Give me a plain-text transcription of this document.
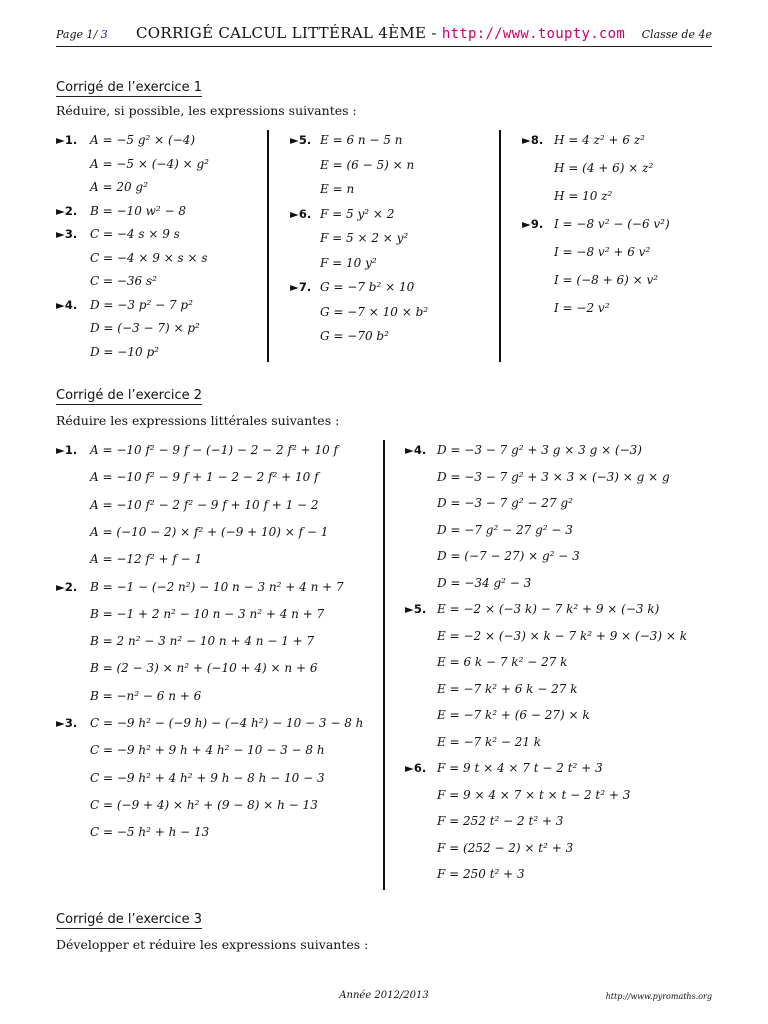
Page 1/ 3 CORRIGÉ CALCUL LITTÉRAL 4ÈME - http://www.toupty.com Classe de 4e
Corrigé de l’exercice 1
Réduire, si possible, les expressions suivantes :
►1. A = −5 g² × (−4)
A = −5 × (−4) × g²
A = 20 g²
►2. B = −10 w² − 8
►3. C = −4 s × 9 s
C = −4 × 9 × s × s
C = −36 s²
►4. D = −3 p² − 7 p²
D = (−3 − 7) × p²
D = −10 p²
►5. E = 6 n − 5 n
E = (6 − 5) × n
E = n
►6. F = 5 y² × 2
F = 5 × 2 × y²
F = 10 y²
►7. G = −7 b² × 10
G = −7 × 10 × b²
G = −70 b²
►8. H = 4 z² + 6 z²
H = (4 + 6) × z²
H = 10 z²
►9. I = −8 v² − (−6 v²)
I = −8 v² + 6 v²
I = (−8 + 6) × v²
I = −2 v²
Corrigé de l’exercice 2
Réduire les expressions littérales suivantes :
►1. A = −10 f² − 9 f − (−1) − 2 − 2 f² + 10 f
A = −10 f² − 9 f + 1 − 2 − 2 f² + 10 f
A = −10 f² − 2 f² − 9 f + 10 f + 1 − 2
A = (−10 − 2) × f² + (−9 + 10) × f − 1
A = −12 f² + f − 1
►2. B = −1 − (−2 n²) − 10 n − 3 n² + 4 n + 7
B = −1 + 2 n² − 10 n − 3 n² + 4 n + 7
B = 2 n² − 3 n² − 10 n + 4 n − 1 + 7
B = (2 − 3) × n² + (−10 + 4) × n + 6
B = −n² − 6 n + 6
►3. C = −9 h² − (−9 h) − (−4 h²) − 10 − 3 − 8 h
C = −9 h² + 9 h + 4 h² − 10 − 3 − 8 h
C = −9 h² + 4 h² + 9 h − 8 h − 10 − 3
C = (−9 + 4) × h² + (9 − 8) × h − 13
C = −5 h² + h − 13
►4. D = −3 − 7 g² + 3 g × 3 g × (−3)
D = −3 − 7 g² + 3 × 3 × (−3) × g × g
D = −3 − 7 g² − 27 g²
D = −7 g² − 27 g² − 3
D = (−7 − 27) × g² − 3
D = −34 g² − 3
►5. E = −2 × (−3 k) − 7 k² + 9 × (−3 k)
E = −2 × (−3) × k − 7 k² + 9 × (−3) × k
E = 6 k − 7 k² − 27 k
E = −7 k² + 6 k − 27 k
E = −7 k² + (6 − 27) × k
E = −7 k² − 21 k
►6. F = 9 t × 4 × 7 t − 2 t² + 3
F = 9 × 4 × 7 × t × t − 2 t² + 3
F = 252 t² − 2 t² + 3
F = (252 − 2) × t² + 3
F = 250 t² + 3
Corrigé de l’exercice 3
Développer et réduire les expressions suivantes :
Année 2012/2013	http://www.pyromaths.org
